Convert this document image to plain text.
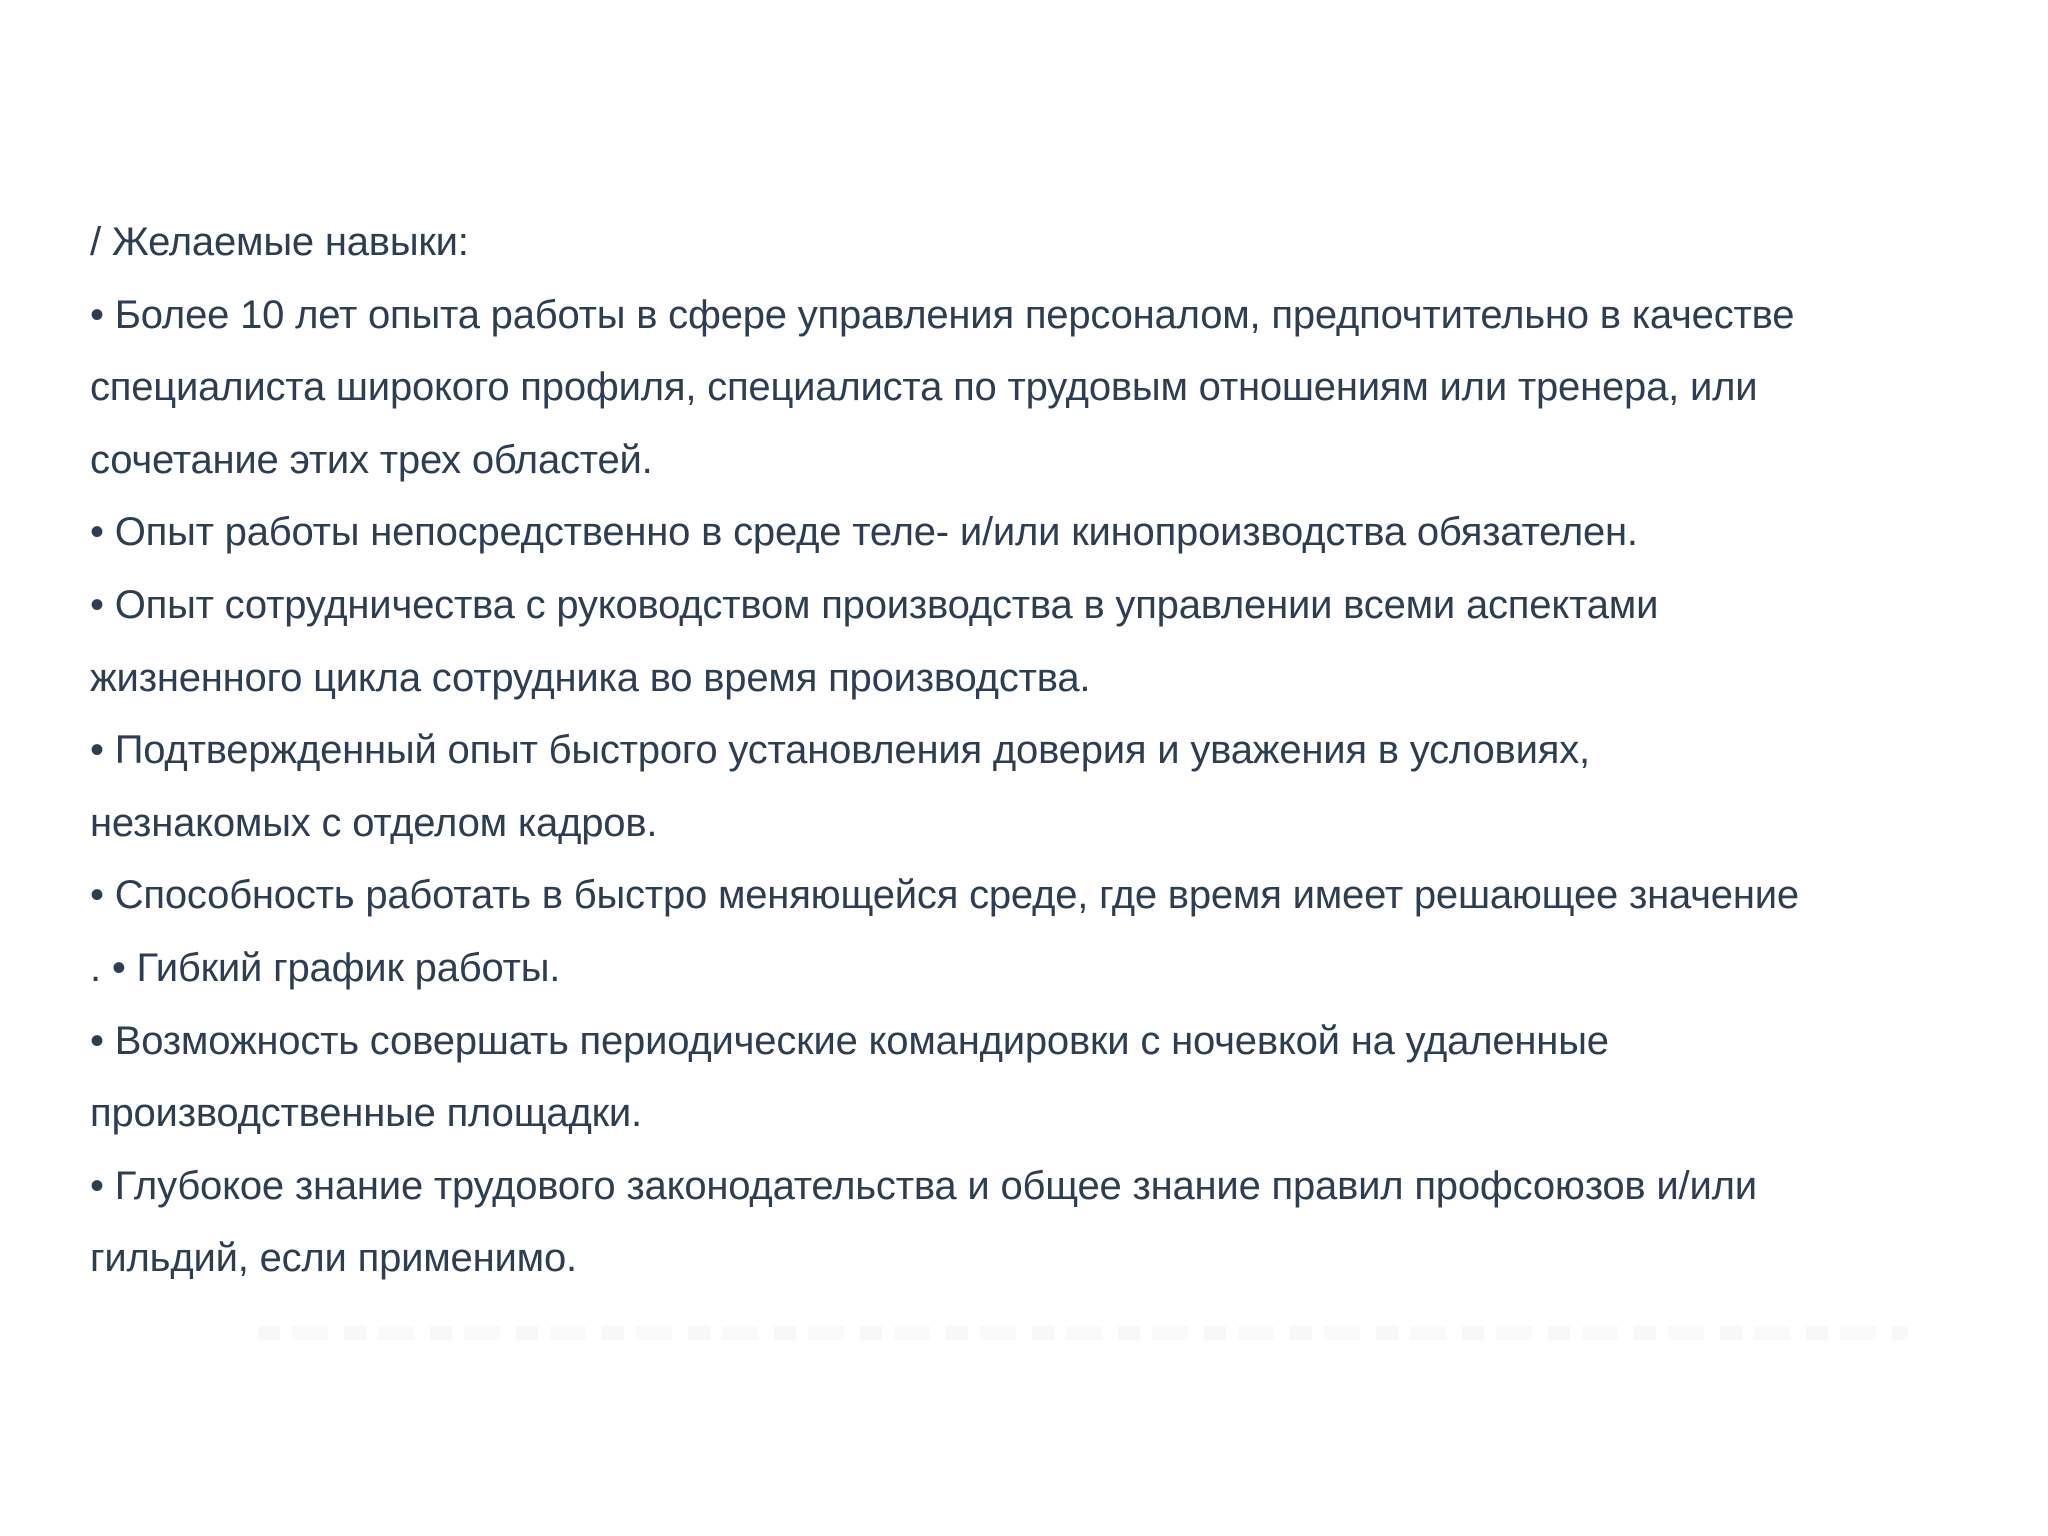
/ Желаемые навыки:
• Более 10 лет опыта работы в сфере управления персоналом, предпочтительно в качестве
специалиста широкого профиля, специалиста по трудовым отношениям или тренера, или
сочетание этих трех областей.
• Опыт работы непосредственно в среде теле- и/или кинопроизводства обязателен.
• Опыт сотрудничества с руководством производства в управлении всеми аспектами
жизненного цикла сотрудника во время производства.
• Подтвержденный опыт быстрого установления доверия и уважения в условиях,
незнакомых с отделом кадров.
• Способность работать в быстро меняющейся среде, где время имеет решающее значение
. • Гибкий график работы.
• Возможность совершать периодические командировки с ночевкой на удаленные
производственные площадки.
• Глубокое знание трудового законодательства и общее знание правил профсоюзов и/или
гильдий, если применимо.
